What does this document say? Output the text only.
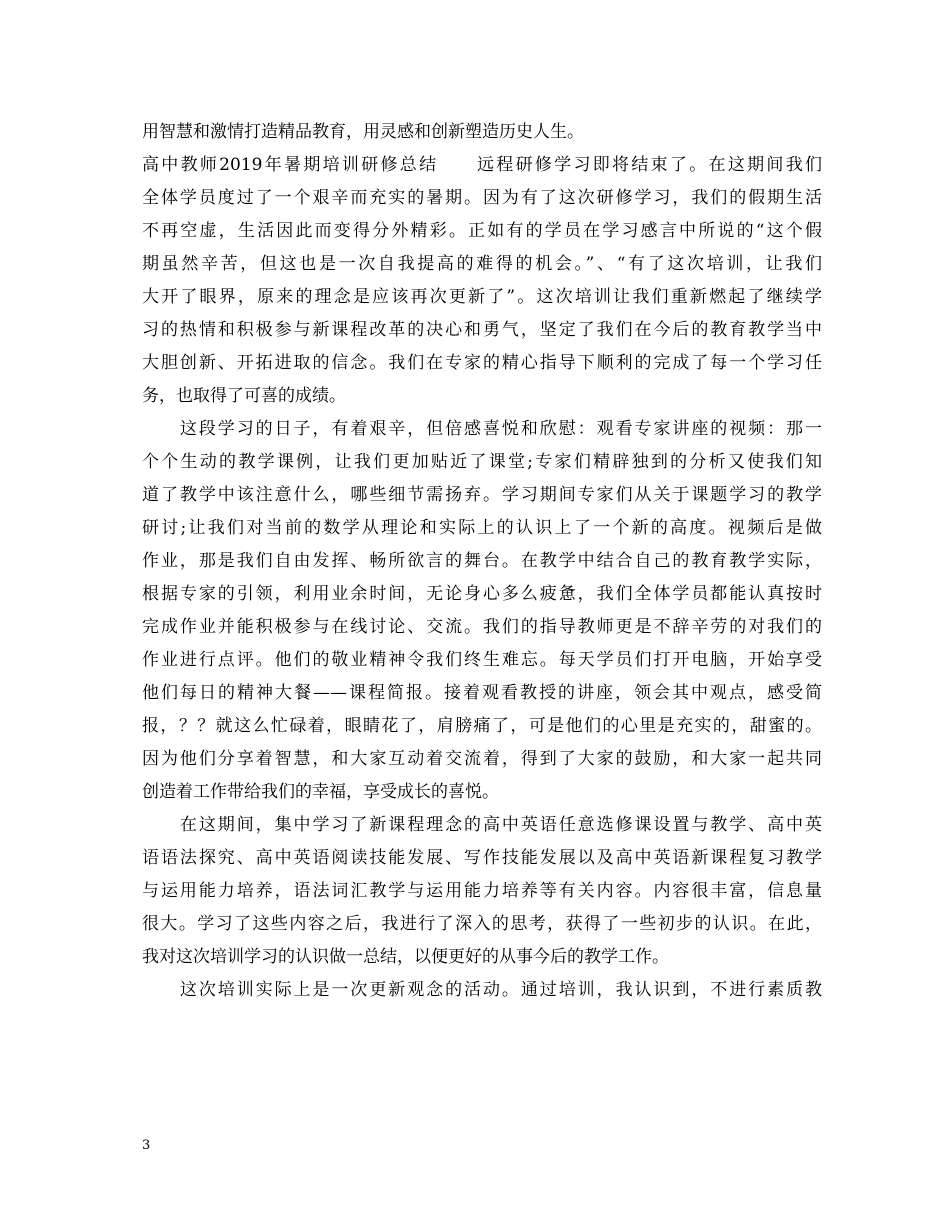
用智慧和激情打造精品教育，用灵感和创新塑造历史人生。
高中教师2019年暑期培训研修总结　　远程研修学习即将结束了。在这期间我们
全体学员度过了一个艰辛而充实的暑期。因为有了这次研修学习，我们的假期生活
不再空虚，生活因此而变得分外精彩。正如有的学员在学习感言中所说的“这个假
期虽然辛苦，但这也是一次自我提高的难得的机会。”、“有了这次培训，让我们
大开了眼界，原来的理念是应该再次更新了”。这次培训让我们重新燃起了继续学
习的热情和积极参与新课程改革的决心和勇气，坚定了我们在今后的教育教学当中
大胆创新、开拓进取的信念。我们在专家的精心指导下顺利的完成了每一个学习任
务，也取得了可喜的成绩。
　　这段学习的日子，有着艰辛，但倍感喜悦和欣慰：观看专家讲座的视频：那一
个个生动的教学课例，让我们更加贴近了课堂;专家们精辟独到的分析又使我们知
道了教学中该注意什么，哪些细节需扬弃。学习期间专家们从关于课题学习的教学
研讨;让我们对当前的数学从理论和实际上的认识上了一个新的高度。视频后是做
作业，那是我们自由发挥、畅所欲言的舞台。在教学中结合自己的教育教学实际，
根据专家的引领，利用业余时间，无论身心多么疲惫，我们全体学员都能认真按时
完成作业并能积极参与在线讨论、交流。我们的指导教师更是不辞辛劳的对我们的
作业进行点评。他们的敬业精神令我们终生难忘。每天学员们打开电脑，开始享受
他们每日的精神大餐——课程简报。接着观看教授的讲座，领会其中观点，感受简
报，？？就这么忙碌着，眼睛花了，肩膀痛了，可是他们的心里是充实的，甜蜜的。
因为他们分享着智慧，和大家互动着交流着，得到了大家的鼓励，和大家一起共同
创造着工作带给我们的幸福，享受成长的喜悦。
　　在这期间，集中学习了新课程理念的高中英语任意选修课设置与教学、高中英
语语法探究、高中英语阅读技能发展、写作技能发展以及高中英语新课程复习教学
与运用能力培养，语法词汇教学与运用能力培养等有关内容。内容很丰富，信息量
很大。学习了这些内容之后，我进行了深入的思考，获得了一些初步的认识。在此，
我对这次培训学习的认识做一总结，以便更好的从事今后的教学工作。
　　这次培训实际上是一次更新观念的活动。通过培训，我认识到，不进行素质教
3
